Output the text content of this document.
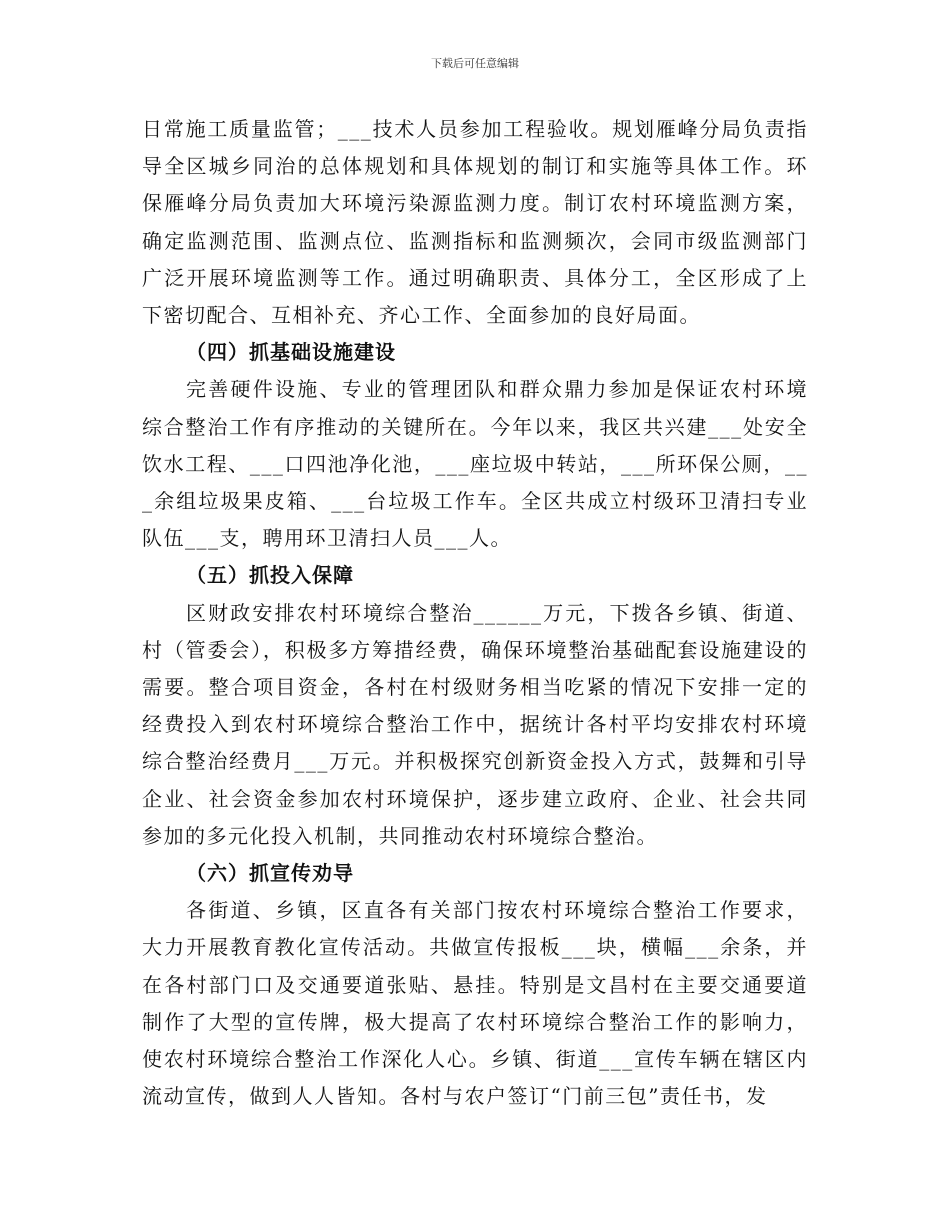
下载后可任意编辑

日常施工质量监管；___技术人员参加工程验收。规划雁峰分局负责指导全区城乡同治的总体规划和具体规划的制订和实施等具体工作。环保雁峰分局负责加大环境污染源监测力度。制订农村环境监测方案，确定监测范围、监测点位、监测指标和监测频次，会同市级监测部门广泛开展环境监测等工作。通过明确职责、具体分工，全区形成了上下密切配合、互相补充、齐心工作、全面参加的良好局面。

（四）抓基础设施建设

完善硬件设施、专业的管理团队和群众鼎力参加是保证农村环境综合整治工作有序推动的关键所在。今年以来，我区共兴建___处安全饮水工程、___口四池净化池，___座垃圾中转站，___所环保公厕，___余组垃圾果皮箱、___台垃圾工作车。全区共成立村级环卫清扫专业队伍___支，聘用环卫清扫人员___人。

（五）抓投入保障

区财政安排农村环境综合整治______万元，下拨各乡镇、街道、村（管委会），积极多方筹措经费，确保环境整治基础配套设施建设的需要。整合项目资金，各村在村级财务相当吃紧的情况下安排一定的经费投入到农村环境综合整治工作中，据统计各村平均安排农村环境综合整治经费月___万元。并积极探究创新资金投入方式，鼓舞和引导企业、社会资金参加农村环境保护，逐步建立政府、企业、社会共同参加的多元化投入机制，共同推动农村环境综合整治。

（六）抓宣传劝导

各街道、乡镇，区直各有关部门按农村环境综合整治工作要求，大力开展教育教化宣传活动。共做宣传报板___块，横幅___余条，并在各村部门口及交通要道张贴、悬挂。特别是文昌村在主要交通要道制作了大型的宣传牌，极大提高了农村环境综合整治工作的影响力，使农村环境综合整治工作深化人心。乡镇、街道___宣传车辆在辖区内流动宣传，做到人人皆知。各村与农户签订“门前三包”责任书，发
